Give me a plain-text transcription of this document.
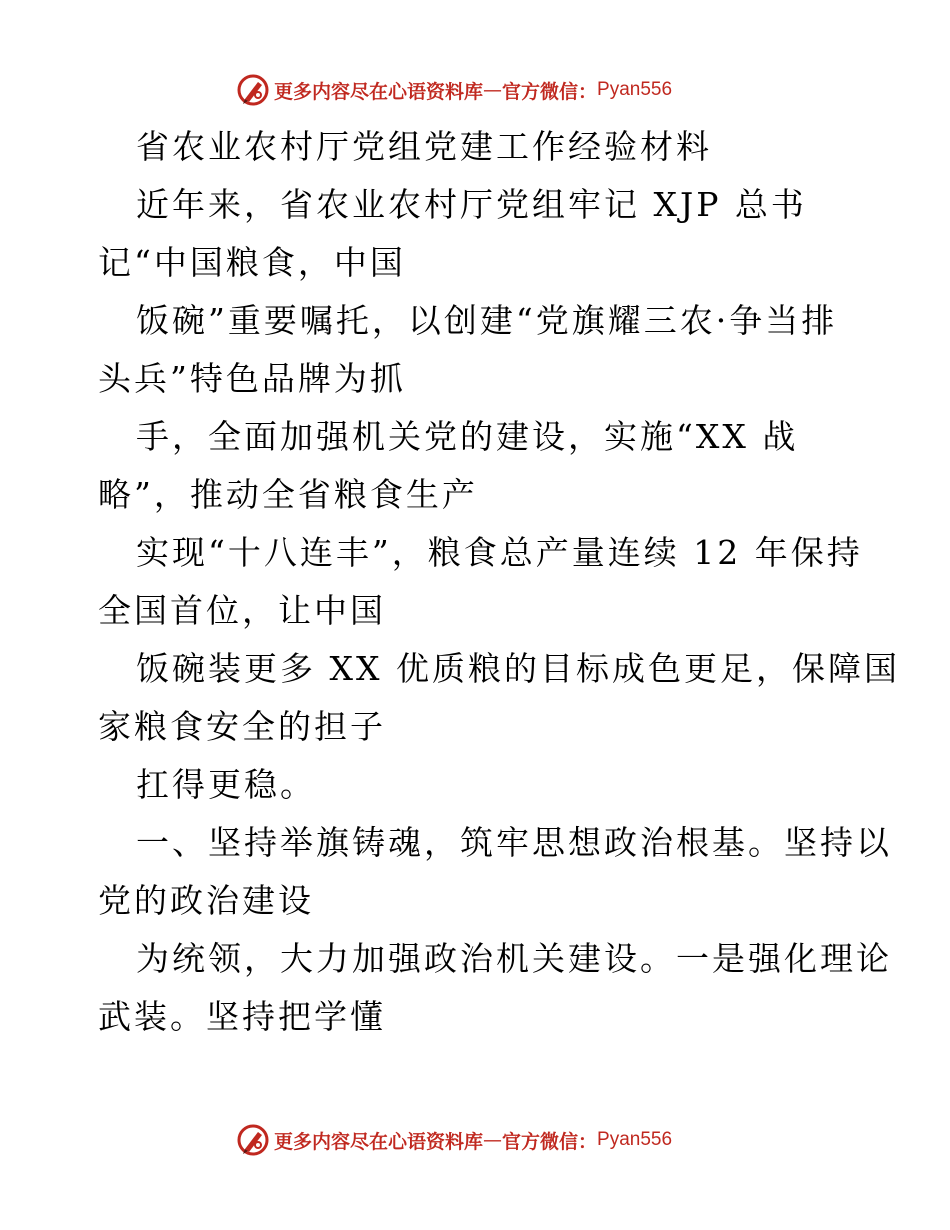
更多内容尽在心语资料库 — 官方微信： Pyan556
省农业农村厅党组党建工作经验材料
近年来，省农业农村厅党组牢记 XJP 总书
记“中国粮食，中国
饭碗”重要嘱托，以创建“党旗耀三农·争当排
头兵”特色品牌为抓
手，全面加强机关党的建设，实施“XX 战
略”，推动全省粮食生产
实现“十八连丰”，粮食总产量连续 12 年保持
全国首位，让中国
饭碗装更多 XX 优质粮的目标成色更足，保障国
家粮食安全的担子
扛得更稳。
一、坚持举旗铸魂，筑牢思想政治根基。坚持以
党的政治建设
为统领，大力加强政治机关建设。一是强化理论
武装。坚持把学懂
更多内容尽在心语资料库 — 官方微信： Pyan556
